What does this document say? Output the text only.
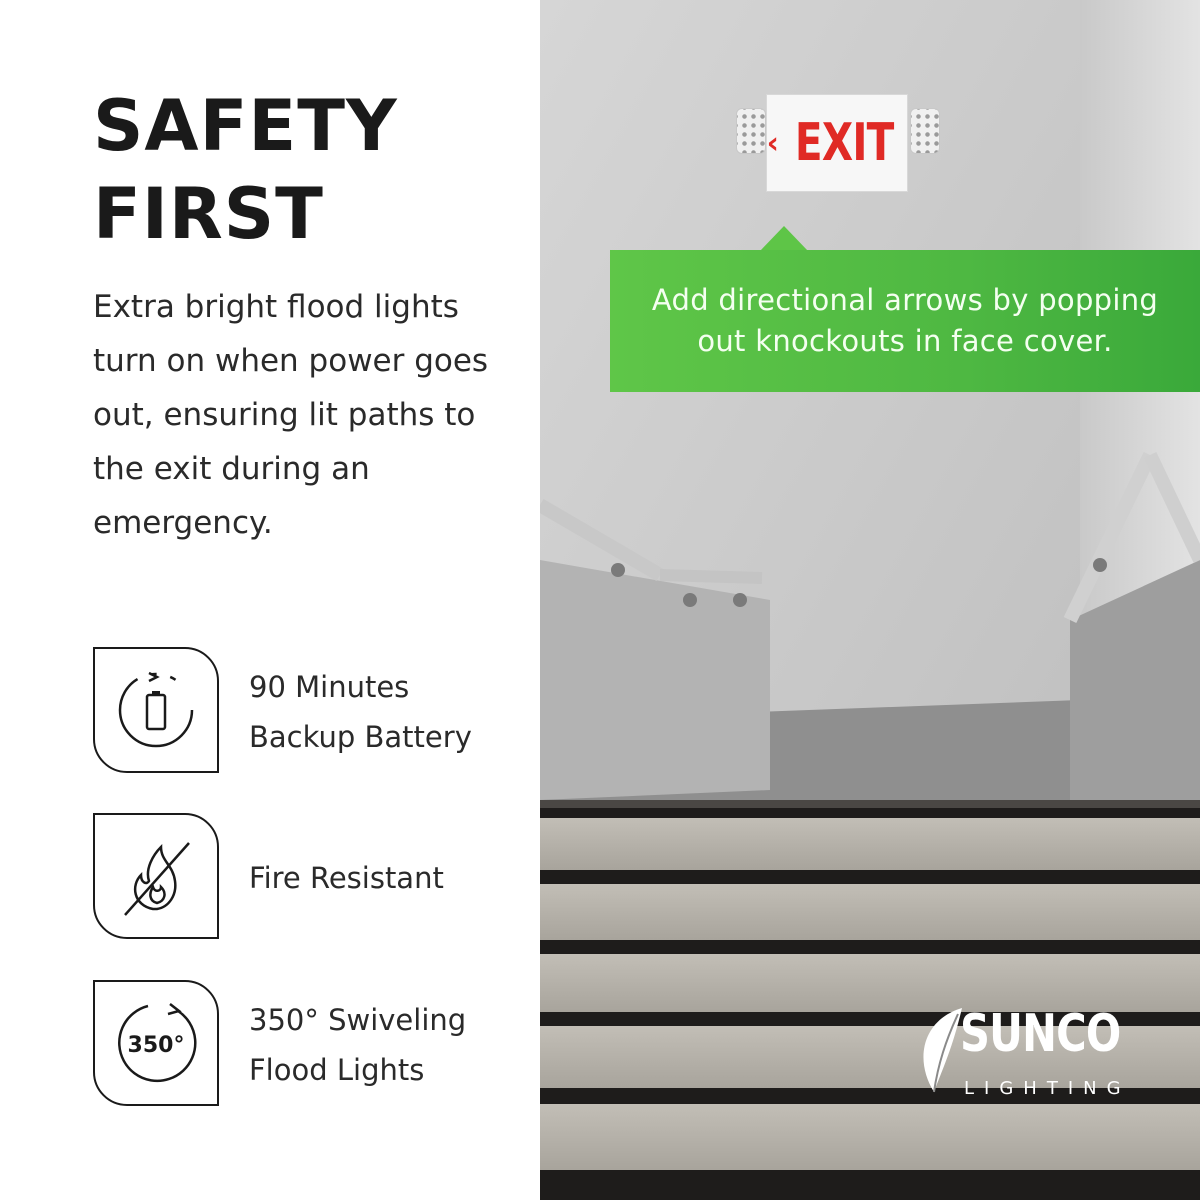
SAFETY
FIRST
Extra bright flood lights turn on when power goes out, ensuring lit paths to the exit during an emergency.
90 Minutes
Backup Battery
Fire Resistant
350°
350° Swiveling
Flood Lights
‹ EXIT
Add directional arrows by popping out knockouts in face cover.
SUNCO
LIGHTING
